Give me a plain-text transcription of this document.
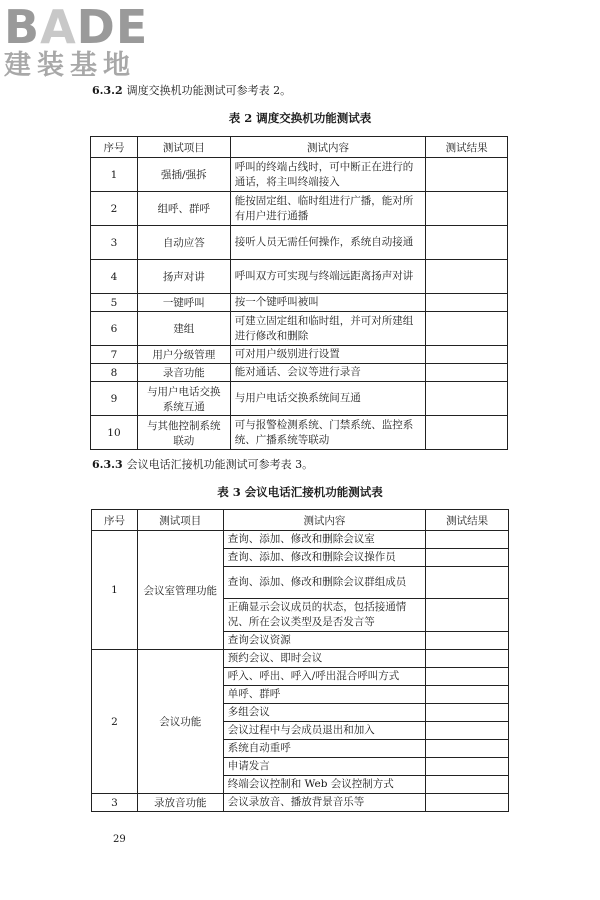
BADE
建装基地
6.3.2 调度交换机功能测试可参考表 2。
表 2 调度交换机功能测试表
序号	测试项目	测试内容	测试结果
1	强插/强拆	呼叫的终端占线时，可中断正在进行的通话，将主叫终端接入	
2	组呼、群呼	能按固定组、临时组进行广播，能对所有用户进行通播	
3	自动应答	接听人员无需任何操作，系统自动接通	
4	扬声对讲	呼叫双方可实现与终端远距离扬声对讲	
5	一键呼叫	按一个键呼叫被叫	
6	建组	可建立固定组和临时组，并可对所建组进行修改和删除	
7	用户分级管理	可对用户级别进行设置	
8	录音功能	能对通话、会议等进行录音	
9	与用户电话交换系统互通	与用户电话交换系统间互通	
10	与其他控制系统联动	可与报警检测系统、门禁系统、监控系统、广播系统等联动	
6.3.3 会议电话汇接机功能测试可参考表 3。
表 3 会议电话汇接机功能测试表
序号	测试项目	测试内容	测试结果
1	会议室管理功能	查询、添加、修改和删除会议室	
		查询、添加、修改和删除会议操作员	
		查询、添加、修改和删除会议群组成员	
		正确显示会议成员的状态，包括接通情况、所在会议类型及是否发言等	
		查询会议资源	
2	会议功能	预约会议、即时会议	
		呼入、呼出、呼入/呼出混合呼叫方式	
		单呼、群呼	
		多组会议	
		会议过程中与会成员退出和加入	
		系统自动重呼	
		申请发言	
		终端会议控制和 Web 会议控制方式	
3	录放音功能	会议录放音、播放背景音乐等	
29
